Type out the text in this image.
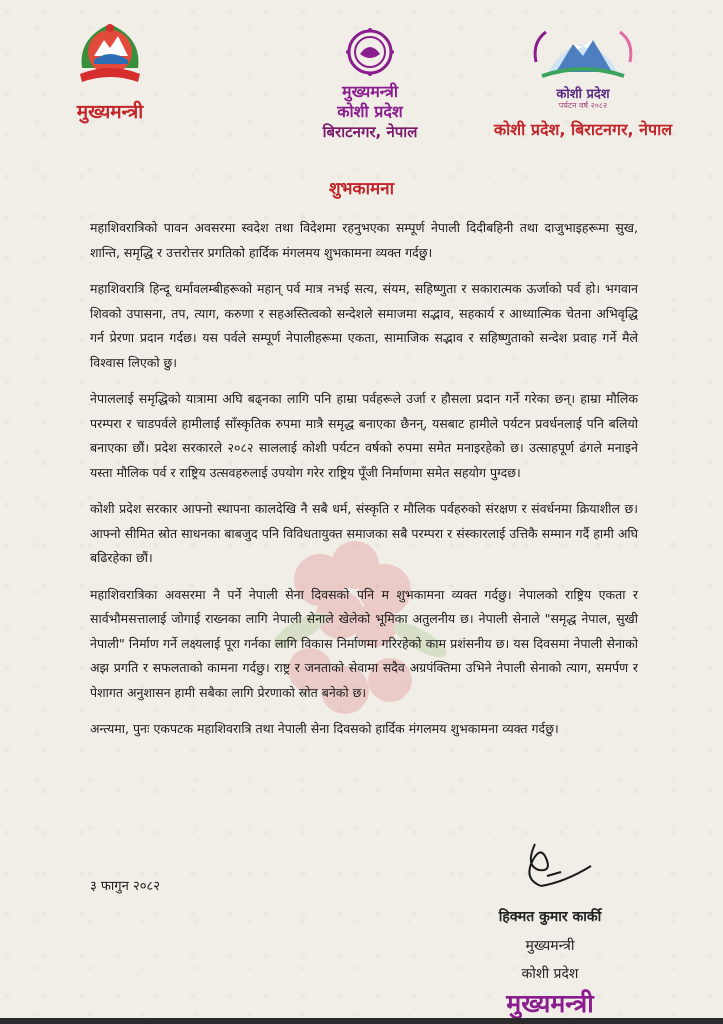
मुख्यमन्त्री
मुख्यमन्त्री
कोशी प्रदेश
बिराटनगर, नेपाल
कोशी प्रदेश
पर्यटन वर्ष २०८२
कोशी प्रदेश, बिराटनगर, नेपाल
शुभकामना

महाशिवरात्रिको पावन अवसरमा स्वदेश तथा विदेशमा रहनुभएका सम्पूर्ण नेपाली दिदीबहिनी तथा दाजुभाइहरूमा सुख, शान्ति, समृद्धि र उत्तरोत्तर प्रगतिको हार्दिक मंगलमय शुभकामना व्यक्त गर्दछु।

महाशिवरात्रि हिन्दू धर्मावलम्बीहरूको महान् पर्व मात्र नभई सत्य, संयम, सहिष्णुता र सकारात्मक ऊर्जाको पर्व हो। भगवान शिवको उपासना, तप, त्याग, करुणा र सहअस्तित्वको सन्देशले समाजमा सद्भाव, सहकार्य र आध्यात्मिक चेतना अभिवृद्धि गर्न प्रेरणा प्रदान गर्दछ। यस पर्वले सम्पूर्ण नेपालीहरूमा एकता, सामाजिक सद्भाव र सहिष्णुताको सन्देश प्रवाह गर्ने मैले विश्वास लिएको छु।

नेपाललाई समृद्धिको यात्रामा अघि बढ्नका लागि पनि हाम्रा पर्वहरूले उर्जा र हौसला प्रदान गर्ने गरेका छन्। हाम्रा मौलिक परम्परा र चाडपर्वले हामीलाई साँस्कृतिक रुपमा मात्रै समृद्ध बनाएका छैनन्, यसबाट हामीले पर्यटन प्रवर्धनलाई पनि बलियो बनाएका छौं। प्रदेश सरकारले २०८२ साललाई कोशी पर्यटन वर्षको रुपमा समेत मनाइरहेको छ। उत्साहपूर्ण ढंगले मनाइने यस्ता मौलिक पर्व र राष्ट्रिय उत्सवहरुलाई उपयोग गरेर राष्ट्रिय पूँजी निर्माणमा समेत सहयोग पुग्दछ।

कोशी प्रदेश सरकार आफ्नो स्थापना कालदेखि नै सबै धर्म, संस्कृति र मौलिक पर्वहरुको संरक्षण र संवर्धनमा क्रियाशील छ। आफ्नो सीमित स्रोत साधनका बाबजुद पनि विविधतायुक्त समाजका सबै परम्परा र संस्कारलाई उत्तिकै सम्मान गर्दै हामी अघि बढिरहेका छौं।

महाशिवरात्रिका अवसरमा नै पर्ने नेपाली सेना दिवसको पनि म शुभकामना व्यक्त गर्दछु। नेपालको राष्ट्रिय एकता र सार्वभौमसत्तालाई जोगाई राख्नका लागि नेपाली सेनाले खेलेको भूमिका अतुलनीय छ। नेपाली सेनाले "समृद्ध नेपाल, सुखी नेपाली" निर्माण गर्ने लक्ष्यलाई पूरा गर्नका लागि विकास निर्माणमा गरिरहेको काम प्रशंसनीय छ। यस दिवसमा नेपाली सेनाको अझ प्रगति र सफलताको कामना गर्दछु। राष्ट्र र जनताको सेवामा सदैव अग्रपंक्तिमा उभिने नेपाली सेनाको त्याग, समर्पण र पेशागत अनुशासन हामी सबैका लागि प्रेरणाको स्रोत बनेको छ।

अन्त्यमा, पुनः एकपटक महाशिवरात्रि तथा नेपाली सेना दिवसको हार्दिक मंगलमय शुभकामना व्यक्त गर्दछु।

३ फागुन २०८२
हिक्मत कुमार कार्की
मुख्यमन्त्री
कोशी प्रदेश
मुख्यमन्त्री
